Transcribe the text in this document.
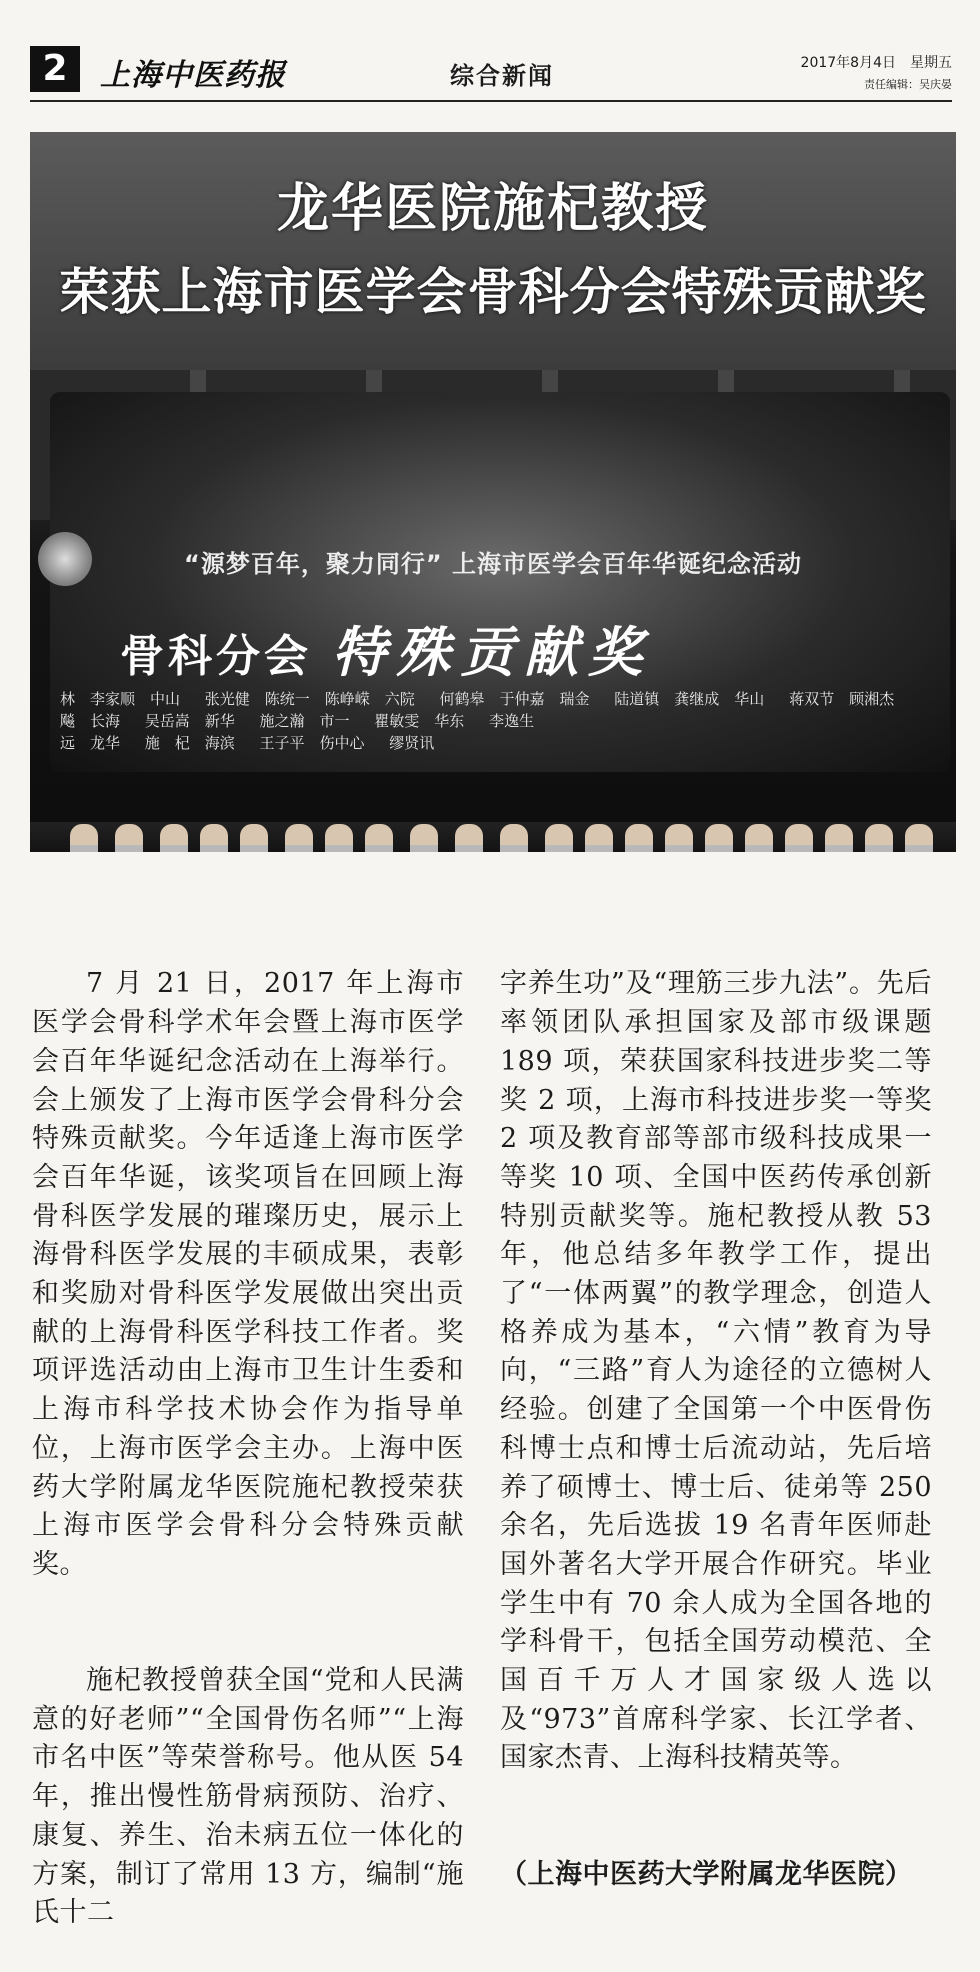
2	上海中医药报	综合新闻	2017年8月4日　星期五
责任编辑：吴庆晏
龙华医院施杞教授
荣获上海市医学会骨科分会特殊贡献奖
“源梦百年，聚力同行” 上海市医学会百年华诞纪念活动
骨科分会 特殊贡献奖
林　李家顺　中山 张光健　陈统一　陈峥嵘　六院 何鹤皋　于仲嘉　瑞金 陆道镇　龚继成　华山 蒋双节　顾湘杰
飚　长海 吴岳嵩　新华 施之瀚　市一 瞿敏雯　华东 李逸生
远　龙华 施　杞　海滨 王子平　伤中心 缪贤讯

7 月 21 日，2017 年上海市医学会骨科学术年会暨上海市医学会百年华诞纪念活动在上海举行。会上颁发了上海市医学会骨科分会特殊贡献奖。今年适逢上海市医学会百年华诞，该奖项旨在回顾上海骨科医学发展的璀璨历史，展示上海骨科医学发展的丰硕成果，表彰和奖励对骨科医学发展做出突出贡献的上海骨科医学科技工作者。奖项评选活动由上海市卫生计生委和上海市科学技术协会作为指导单位，上海市医学会主办。上海中医药大学附属龙华医院施杞教授荣获上海市医学会骨科分会特殊贡献奖。

施杞教授曾获全国“党和人民满意的好老师”“全国骨伤名师”“上海市名中医”等荣誉称号。他从医 54 年，推出慢性筋骨病预防、治疗、康复、养生、治未病五位一体化的方案，制订了常用 13 方，编制“施氏十二

字养生功”及“理筋三步九法”。先后率领团队承担国家及部市级课题 189 项，荣获国家科技进步奖二等奖 2 项，上海市科技进步奖一等奖 2 项及教育部等部市级科技成果一等奖 10 项、全国中医药传承创新特别贡献奖等。施杞教授从教 53 年，他总结多年教学工作，提出了“一体两翼”的教学理念，创造人格养成为基本，“六情”教育为导向，“三路”育人为途径的立德树人经验。创建了全国第一个中医骨伤科博士点和博士后流动站，先后培养了硕博士、博士后、徒弟等 250 余名，先后选拔 19 名青年医师赴国外著名大学开展合作研究。毕业学生中有 70 余人成为全国各地的学科骨干，包括全国劳动模范、全国百千万人才国家级人选以及“973”首席科学家、长江学者、国家杰青、上海科技精英等。

（上海中医药大学附属龙华医院）
